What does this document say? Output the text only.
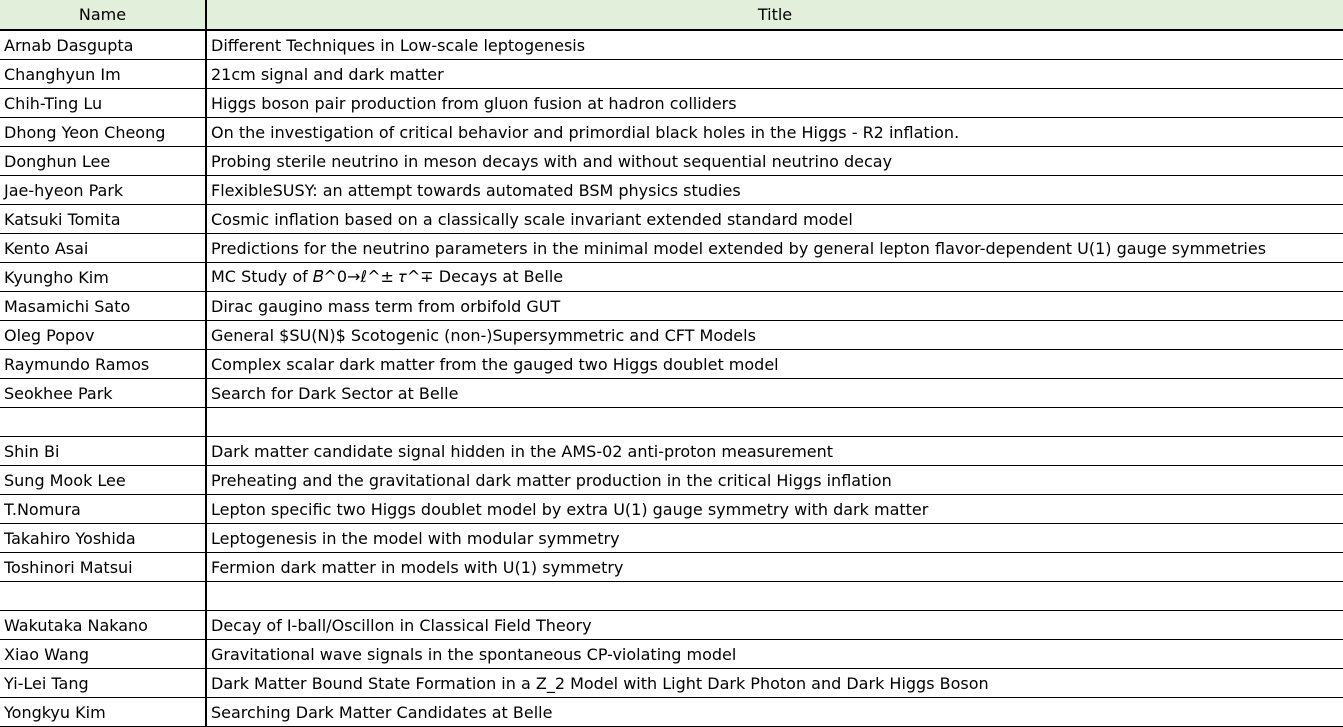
Name	Title
Arnab Dasgupta	Different Techniques in Low-scale leptogenesis
Changhyun Im	21cm signal and dark matter
Chih-Ting Lu	Higgs boson pair production from gluon fusion at hadron colliders
Dhong Yeon Cheong	On the investigation of critical behavior and primordial black holes in the Higgs - R2 inflation.
Donghun Lee	Probing sterile neutrino in meson decays with and without sequential neutrino decay
Jae-hyeon Park	FlexibleSUSY: an attempt towards automated BSM physics studies
Katsuki Tomita	Cosmic inflation based on a classically scale invariant extended standard model
Kento Asai	Predictions for the neutrino parameters in the minimal model extended by general lepton flavor-dependent U(1) gauge symmetries
Kyungho Kim	MC Study of 𝐵^0→ℓ^± 𝜏^∓ Decays at Belle
Masamichi Sato	Dirac gaugino mass term from orbifold GUT
Oleg Popov	General $SU(N)$ Scotogenic (non-)Supersymmetric and CFT Models
Raymundo Ramos	Complex scalar dark matter from the gauged two Higgs doublet model
Seokhee Park	Search for Dark Sector at Belle

Shin Bi	Dark matter candidate signal hidden in the AMS-02 anti-proton measurement
Sung Mook Lee	Preheating and the gravitational dark matter production in the critical Higgs inflation
T.Nomura	Lepton specific two Higgs doublet model by extra U(1) gauge symmetry with dark matter
Takahiro Yoshida	Leptogenesis in the model with modular symmetry
Toshinori Matsui	Fermion dark matter in models with U(1) symmetry

Wakutaka Nakano	Decay of I-ball/Oscillon in Classical Field Theory
Xiao Wang	Gravitational wave signals in the spontaneous CP-violating model
Yi-Lei Tang	Dark Matter Bound State Formation in a Z_2 Model with Light Dark Photon and Dark Higgs Boson
Yongkyu Kim	Searching Dark Matter Candidates at Belle
